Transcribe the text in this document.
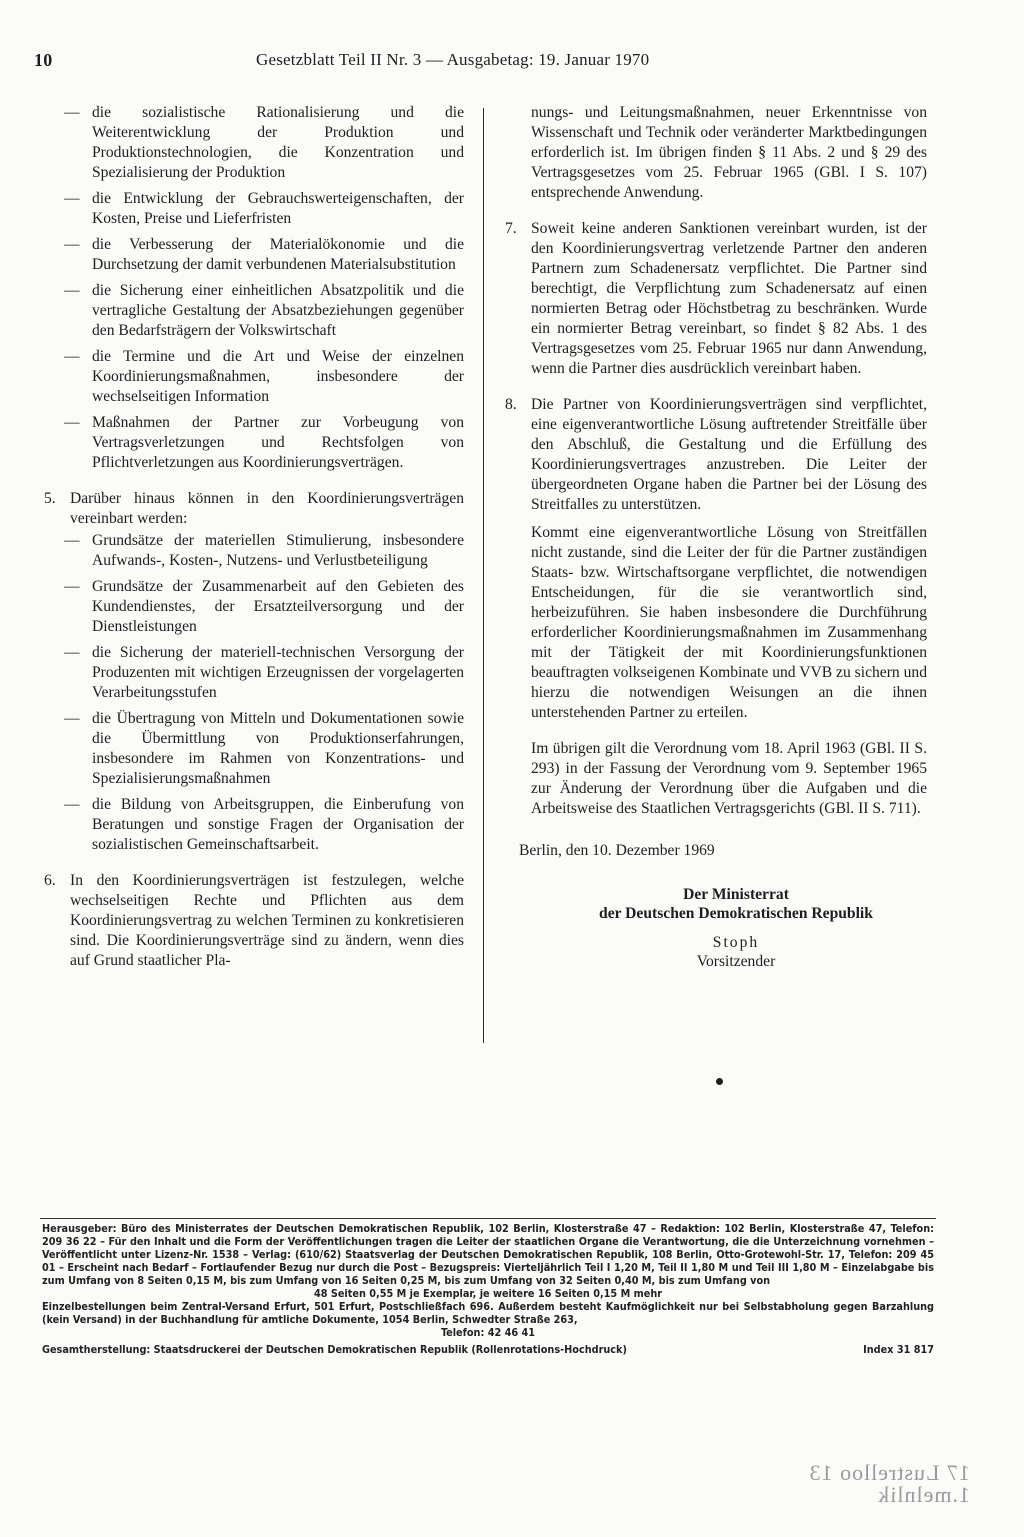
10	Gesetzblatt Teil II Nr. 3 — Ausgabetag: 19. Januar 1970
— die sozialistische Rationalisierung und die Weiterentwicklung der Produktion und Produktionstechnologien, die Konzentration und Spezialisierung der Produktion
— die Entwicklung der Gebrauchswerteigenschaften, der Kosten, Preise und Lieferfristen
— die Verbesserung der Materialökonomie und die Durchsetzung der damit verbundenen Materialsubstitution
— die Sicherung einer einheitlichen Absatzpolitik und die vertragliche Gestaltung der Absatzbeziehungen gegenüber den Bedarfsträgern der Volkswirtschaft
— die Termine und die Art und Weise der einzelnen Koordinierungsmaßnahmen, insbesondere der wechselseitigen Information
— Maßnahmen der Partner zur Vorbeugung von Vertragsverletzungen und Rechtsfolgen von Pflichtverletzungen aus Koordinierungsverträgen.
5. Darüber hinaus können in den Koordinierungsverträgen vereinbart werden:
— Grundsätze der materiellen Stimulierung, insbesondere Aufwands-, Kosten-, Nutzens- und Verlustbeteiligung
— Grundsätze der Zusammenarbeit auf den Gebieten des Kundendienstes, der Ersatzteilversorgung und der Dienstleistungen
— die Sicherung der materiell-technischen Versorgung der Produzenten mit wichtigen Erzeugnissen der vorgelagerten Verarbeitungsstufen
— die Übertragung von Mitteln und Dokumentationen sowie die Übermittlung von Produktionserfahrungen, insbesondere im Rahmen von Konzentrations- und Spezialisierungsmaßnahmen
— die Bildung von Arbeitsgruppen, die Einberufung von Beratungen und sonstige Fragen der Organisation der sozialistischen Gemeinschaftsarbeit.
6. In den Koordinierungsverträgen ist festzulegen, welche wechselseitigen Rechte und Pflichten aus dem Koordinierungsvertrag zu welchen Terminen zu konkretisieren sind. Die Koordinierungsverträge sind zu ändern, wenn dies auf Grund staatlicher Pla-

nungs- und Leitungsmaßnahmen, neuer Erkenntnisse von Wissenschaft und Technik oder veränderter Marktbedingungen erforderlich ist. Im übrigen finden § 11 Abs. 2 und § 29 des Vertragsgesetzes vom 25. Februar 1965 (GBl. I S. 107) entsprechende Anwendung.

7. Soweit keine anderen Sanktionen vereinbart wurden, ist der den Koordinierungsvertrag verletzende Partner den anderen Partnern zum Schadenersatz verpflichtet. Die Partner sind berechtigt, die Verpflichtung zum Schadenersatz auf einen normierten Betrag oder Höchstbetrag zu beschränken. Wurde ein normierter Betrag vereinbart, so findet § 82 Abs. 1 des Vertragsgesetzes vom 25. Februar 1965 nur dann Anwendung, wenn die Partner dies ausdrücklich vereinbart haben.
8. Die Partner von Koordinierungsverträgen sind verpflichtet, eine eigenverantwortliche Lösung auftretender Streitfälle über den Abschluß, die Gestaltung und die Erfüllung des Koordinierungsvertrages anzustreben. Die Leiter der übergeordneten Organe haben die Partner bei der Lösung des Streitfalles zu unterstützen.

Kommt eine eigenverantwortliche Lösung von Streitfällen nicht zustande, sind die Leiter der für die Partner zuständigen Staats- bzw. Wirtschaftsorgane verpflichtet, die notwendigen Entscheidungen, für die sie verantwortlich sind, herbeizuführen. Sie haben insbesondere die Durchführung erforderlicher Koordinierungsmaßnahmen im Zusammenhang mit der Tätigkeit der mit Koordinierungsfunktionen beauftragten volkseigenen Kombinate und VVB zu sichern und hierzu die notwendigen Weisungen an die ihnen unterstehenden Partner zu erteilen.

Im übrigen gilt die Verordnung vom 18. April 1963 (GBl. II S. 293) in der Fassung der Verordnung vom 9. September 1965 zur Änderung der Verordnung über die Aufgaben und die Arbeitsweise des Staatlichen Vertragsgerichts (GBl. II S. 711).

Berlin, den 10. Dezember 1969
Der Ministerrat
der Deutschen Demokratischen Republik
Stoph
Vorsitzender

Herausgeber: Büro des Ministerrates der Deutschen Demokratischen Republik, 102 Berlin, Klosterstraße 47 – Redaktion: 102 Berlin, Klosterstraße 47, Telefon: 209 36 22 – Für den Inhalt und die Form der Veröffentlichungen tragen die Leiter der staatlichen Organe die Verantwortung, die die Unterzeichnung vornehmen – Veröffentlicht unter Lizenz-Nr. 1538 – Verlag: (610/62) Staatsverlag der Deutschen Demokratischen Republik, 108 Berlin, Otto-Grotewohl-Str. 17, Telefon: 209 45 01 – Erscheint nach Bedarf – Fortlaufender Bezug nur durch die Post – Bezugspreis: Vierteljährlich Teil I 1,20 M, Teil II 1,80 M und Teil III 1,80 M – Einzelabgabe bis zum Umfang von 8 Seiten 0,15 M, bis zum Umfang von 16 Seiten 0,25 M, bis zum Umfang von 32 Seiten 0,40 M, bis zum Umfang von

48 Seiten 0,55 M je Exemplar, je weitere 16 Seiten 0,15 M mehr

Einzelbestellungen beim Zentral-Versand Erfurt, 501 Erfurt, Postschließfach 696. Außerdem besteht Kaufmöglichkeit nur bei Selbstabholung gegen Barzahlung (kein Versand) in der Buchhandlung für amtliche Dokumente, 1054 Berlin, Schwedter Straße 263,

Telefon: 42 46 41

Gesamtherstellung: Staatsdruckerei der Deutschen Demokratischen Republik (Rollenrotations-Hochdruck)	Index 31 817
17 Lustrelloo 13
1.melnlik
